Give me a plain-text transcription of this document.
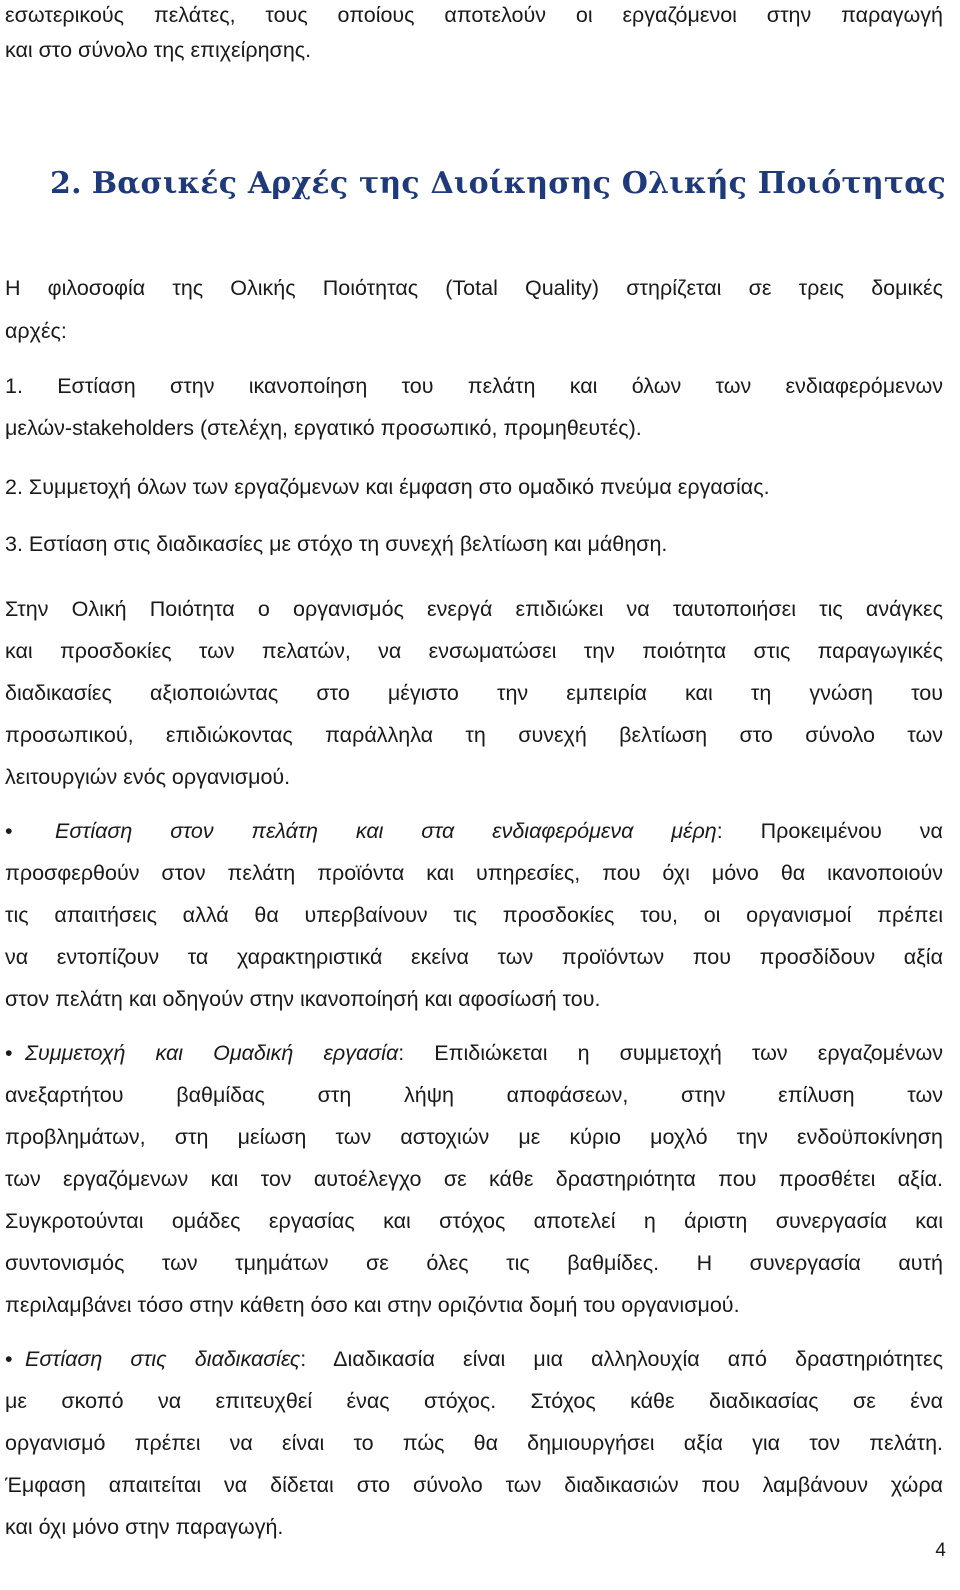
εσωτερικούς πελάτες, τους οποίους αποτελούν οι εργαζόμενοι στην παραγωγή
και στο σύνολο της επιχείρησης.
2. Βασικές Αρχές της Διοίκησης Ολικής Ποιότητας
Η φιλοσοφία της Ολικής Ποιότητας (Total Quality) στηρίζεται σε τρεις δομικές
αρχές:
1. Εστίαση στην ικανοποίηση του πελάτη και όλων των ενδιαφερόμενων
μελών-stakeholders (στελέχη, εργατικό προσωπικό, προμηθευτές).
2. Συμμετοχή όλων των εργαζόμενων και έμφαση στο ομαδικό πνεύμα εργασίας.
3. Εστίαση στις διαδικασίες με στόχο τη συνεχή βελτίωση και μάθηση.
Στην Ολική Ποιότητα ο οργανισμός ενεργά επιδιώκει να ταυτοποιήσει τις ανάγκες
και προσδοκίες των πελατών, να ενσωματώσει την ποιότητα στις παραγωγικές
διαδικασίες αξιοποιώντας στο μέγιστο την εμπειρία και τη γνώση του
προσωπικού, επιδιώκοντας παράλληλα τη συνεχή βελτίωση στο σύνολο των
λειτουργιών ενός οργανισμού.
• Εστίαση στον πελάτη και στα ενδιαφερόμενα μέρη: Προκειμένου να
προσφερθούν στον πελάτη προϊόντα και υπηρεσίες, που όχι μόνο θα ικανοποιούν
τις απαιτήσεις αλλά θα υπερβαίνουν τις προσδοκίες του, οι οργανισμοί πρέπει
να εντοπίζουν τα χαρακτηριστικά εκείνα των προϊόντων που προσδίδουν αξία
στον πελάτη και οδηγούν στην ικανοποίησή και αφοσίωσή του.
• Συμμετοχή και Ομαδική εργασία: Επιδιώκεται η συμμετοχή των εργαζομένων
ανεξαρτήτου βαθμίδας στη λήψη αποφάσεων, στην επίλυση των
προβλημάτων, στη μείωση των αστοχιών με κύριο μοχλό την ενδοϋποκίνηση
των εργαζόμενων και τον αυτοέλεγχο σε κάθε δραστηριότητα που προσθέτει αξία.
Συγκροτούνται ομάδες εργασίας και στόχος αποτελεί η άριστη συνεργασία και
συντονισμός των τμημάτων σε όλες τις βαθμίδες. Η συνεργασία αυτή
περιλαμβάνει τόσο στην κάθετη όσο και στην οριζόντια δομή του οργανισμού.
• Εστίαση στις διαδικασίες: Διαδικασία είναι μια αλληλουχία από δραστηριότητες
με σκοπό να επιτευχθεί ένας στόχος. Στόχος κάθε διαδικασίας σε ένα
οργανισμό πρέπει να είναι το πώς θα δημιουργήσει αξία για τον πελάτη.
Έμφαση απαιτείται να δίδεται στο σύνολο των διαδικασιών που λαμβάνουν χώρα
και όχι μόνο στην παραγωγή.
4
